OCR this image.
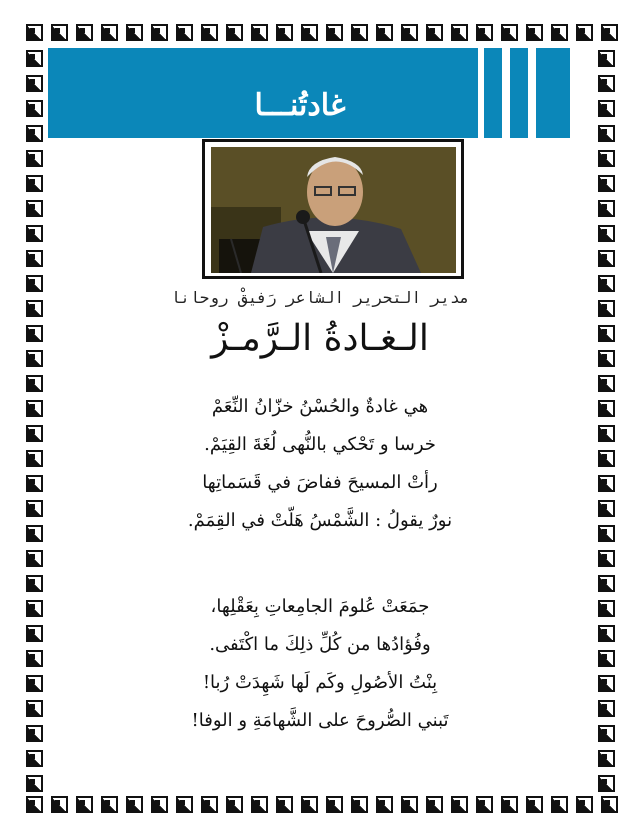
غادتُنـــا
مدير التحرير الشاعر رَفيقْ روحانا
الـغـادةُ الـرَّمـزْ
هي غادةٌ والحُسْنُ خزّانُ النِّعَمْ
خرسا و تَحْكي بالنُّهى لُغَةَ القِيَمْ.
رأتْ المسيحَ ففاضَ في قَسَماتِها
نورٌ يقولُ : الشَّمْسُ هَلّتْ في القِمَمْ.
جمَعَتْ عُلومَ الجامِعاتِ بِعَقْلِها،
وفُؤادُها من كُلِّ ذلِكَ ما اكْتَفى.
بِنْتُ الأصُولِ وكَم لَها شَهِدَتْ رُبا!
تَبني الصُّروحَ على الشَّهامَةِ و الوفا!
